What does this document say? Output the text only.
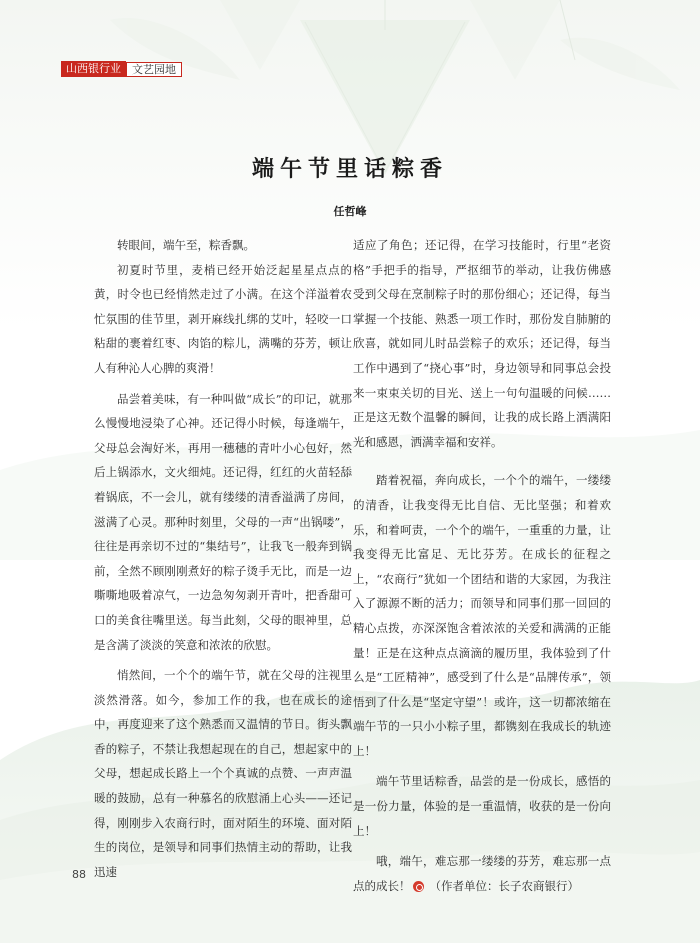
山西银行业	文艺园地
端午节里话粽香
任哲峰

转眼间，端午至，粽香飘。

初夏时节里，麦梢已经开始泛起星星点点的黄，时令也已经悄然走过了小满。在这个洋溢着农忙氛围的佳节里，剥开麻线扎绑的艾叶，轻咬一口粘甜的裹着红枣、肉馅的粽儿，满嘴的芬芳，顿让人有种沁人心脾的爽滑！

品尝着美味，有一种叫做“成长”的印记，就那么慢慢地浸染了心神。还记得小时候，每逢端午，父母总会淘好米，再用一穗穗的青叶小心包好，然后上锅添水，文火细炖。还记得，红红的火苗轻舔着锅底，不一会儿，就有缕缕的清香溢满了房间，滋满了心灵。那种时刻里，父母的一声“出锅喽”，往往是再亲切不过的“集结号”，让我飞一般奔到锅前，全然不顾刚刚煮好的粽子烫手无比，而是一边嘶嘶地吸着凉气，一边急匆匆剥开青叶，把香甜可口的美食往嘴里送。每当此刻，父母的眼神里，总是含满了淡淡的笑意和浓浓的欣慰。

悄然间，一个个的端午节，就在父母的注视里淡然滑落。如今，参加工作的我，也在成长的途中，再度迎来了这个熟悉而又温情的节日。街头飘香的粽子，不禁让我想起现在的自己，想起家中的父母，想起成长路上一个个真诚的点赞、一声声温暖的鼓励，总有一种慕名的欣慰涌上心头——还记得，刚刚步入农商行时，面对陌生的环境、面对陌生的岗位，是领导和同事们热情主动的帮助，让我迅速

适应了角色；还记得，在学习技能时，行里“老资格”手把手的指导，严抠细节的举动，让我仿佛感受到父母在烹制粽子时的那份细心；还记得，每当掌握一个技能、熟悉一项工作时，那份发自肺腑的欣喜，就如同儿时品尝粽子的欢乐；还记得，每当工作中遇到了“挠心事”时，身边领导和同事总会投来一束束关切的目光、送上一句句温暖的问候……正是这无数个温馨的瞬间，让我的成长路上洒满阳光和感恩，洒满幸福和安祥。

踏着祝福，奔向成长，一个个的端午，一缕缕的清香，让我变得无比自信、无比坚强；和着欢乐，和着呵责，一个个的端午，一重重的力量，让我变得无比富足、无比芬芳。在成长的征程之上，“农商行”犹如一个团结和谐的大家园，为我注入了源源不断的活力；而领导和同事们那一回回的精心点拨，亦深深饱含着浓浓的关爱和满满的正能量！正是在这种点点滴滴的履历里，我体验到了什么是“工匠精神”，感受到了什么是“品牌传承”，领悟到了什么是“坚定守望”！或许，这一切都浓缩在端午节的一只小小粽子里，都镌刻在我成长的轨迹上！

端午节里话粽香，品尝的是一份成长，感悟的是一份力量，体验的是一重温情，收获的是一份向上！

哦，端午，难忘那一缕缕的芬芳，难忘那一点点的成长！ （作者单位：长子农商银行）

88
